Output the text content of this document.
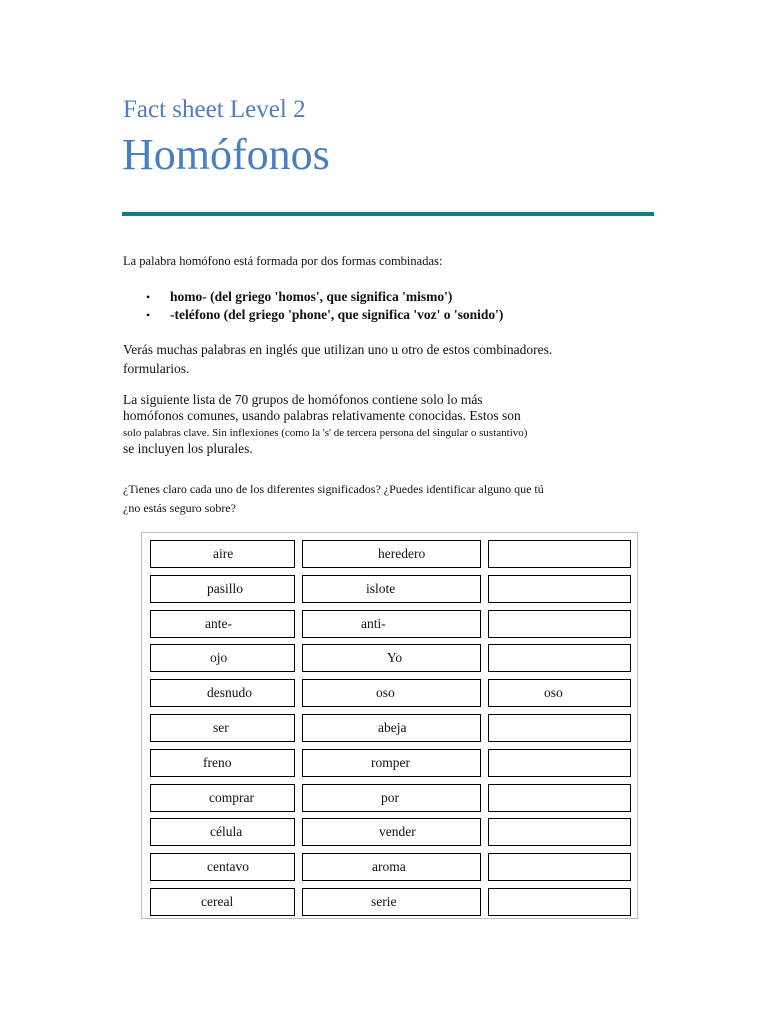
Fact sheet Level 2
Homófonos

La palabra homófono está formada por dos formas combinadas:

• homo- (del griego 'homos', que significa 'mismo')
• -teléfono (del griego 'phone', que significa 'voz' o 'sonido')

Verás muchas palabras en inglés que utilizan uno u otro de estos combinadores.
formularios.

La siguiente lista de 70 grupos de homófonos contiene solo lo más
homófonos comunes, usando palabras relativamente conocidas. Estos son
solo palabras clave. Sin inflexiones (como la 's' de tercera persona del singular o sustantivo)
se incluyen los plurales.

¿Tienes claro cada uno de los diferentes significados? ¿Puedes identificar alguno que tú
¿no estás seguro sobre?

aire	heredero
pasillo	islote
ante-	anti-
ojo	Yo
desnudo	oso	oso
ser	abeja
freno	romper
comprar	por
célula	vender
centavo	aroma
cereal	serie
